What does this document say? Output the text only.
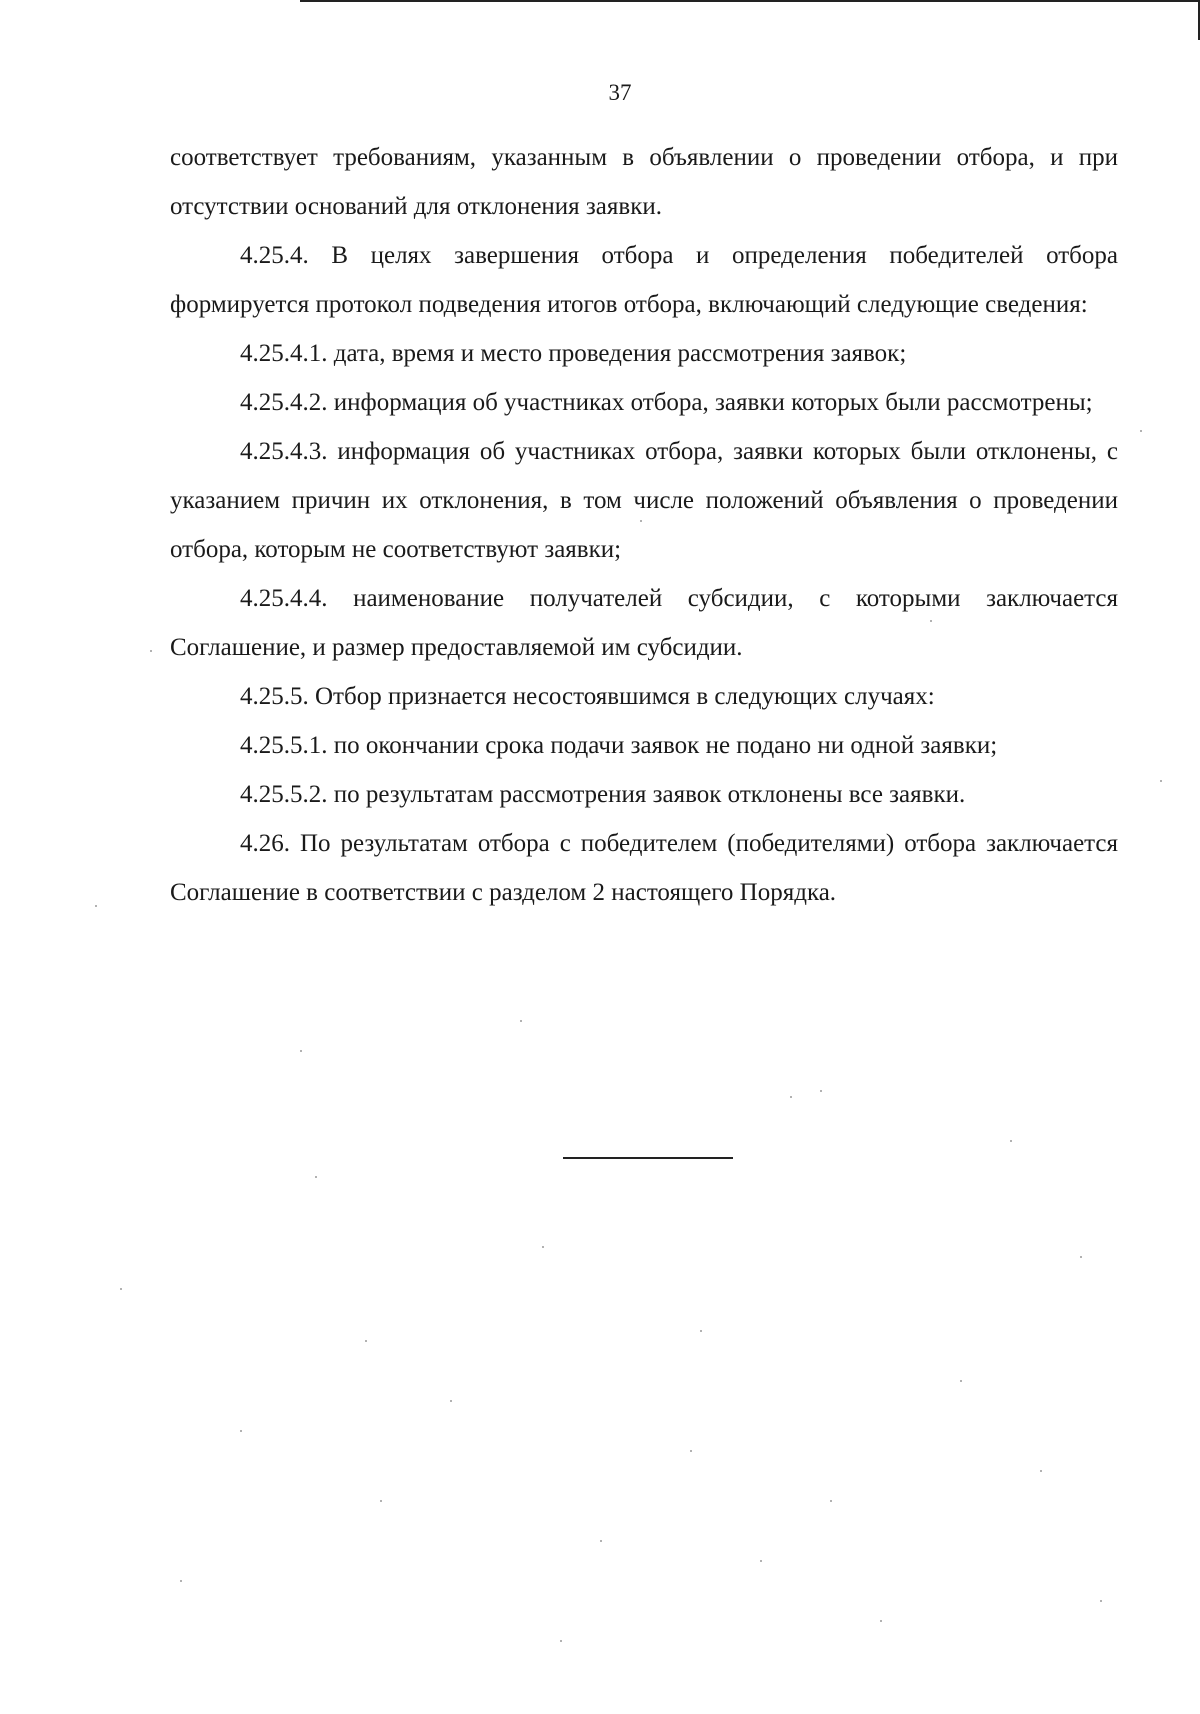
37

соответствует требованиям, указанным в объявлении о проведении отбора, и при отсутствии оснований для отклонения заявки.

4.25.4. В целях завершения отбора и определения победителей отбора формируется протокол подведения итогов отбора, включающий следующие сведения:

4.25.4.1. дата, время и место проведения рассмотрения заявок;

4.25.4.2. информация об участниках отбора, заявки которых были рассмотрены;

4.25.4.3. информация об участниках отбора, заявки которых были отклонены, с указанием причин их отклонения, в том числе положений объявления о проведении отбора, которым не соответствуют заявки;

4.25.4.4. наименование получателей субсидии, с которыми заключается Соглашение, и размер предоставляемой им субсидии.

4.25.5. Отбор признается несостоявшимся в следующих случаях:

4.25.5.1. по окончании срока подачи заявок не подано ни одной заявки;

4.25.5.2. по результатам рассмотрения заявок отклонены все заявки.

4.26. По результатам отбора с победителем (победителями) отбора заключается Соглашение в соответствии с разделом 2 настоящего Порядка.
